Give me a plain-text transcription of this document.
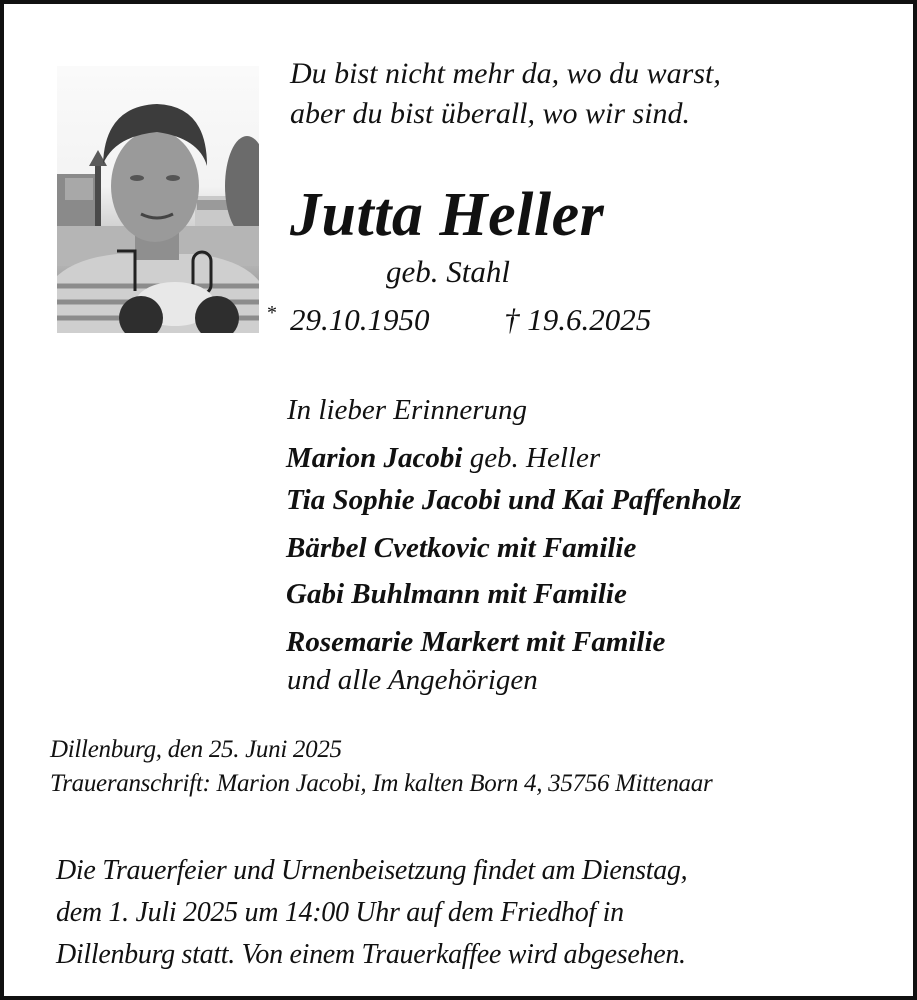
Du bist nicht mehr da, wo du warst,
aber du bist überall, wo wir sind.
Jutta Heller
geb. Stahl
* 29.10.1950 † 19.6.2025
In lieber Erinnerung
Marion Jacobi geb. Heller
Tia Sophie Jacobi und Kai Paffenholz
Bärbel Cvetkovic mit Familie
Gabi Buhlmann mit Familie
Rosemarie Markert mit Familie
und alle Angehörigen
Dillenburg, den 25. Juni 2025
Traueranschrift: Marion Jacobi, Im kalten Born 4, 35756 Mittenaar
Die Trauerfeier und Urnenbeisetzung findet am Dienstag,
dem 1. Juli 2025 um 14:00 Uhr auf dem Friedhof in
Dillenburg statt. Von einem Trauerkaffee wird abgesehen.
